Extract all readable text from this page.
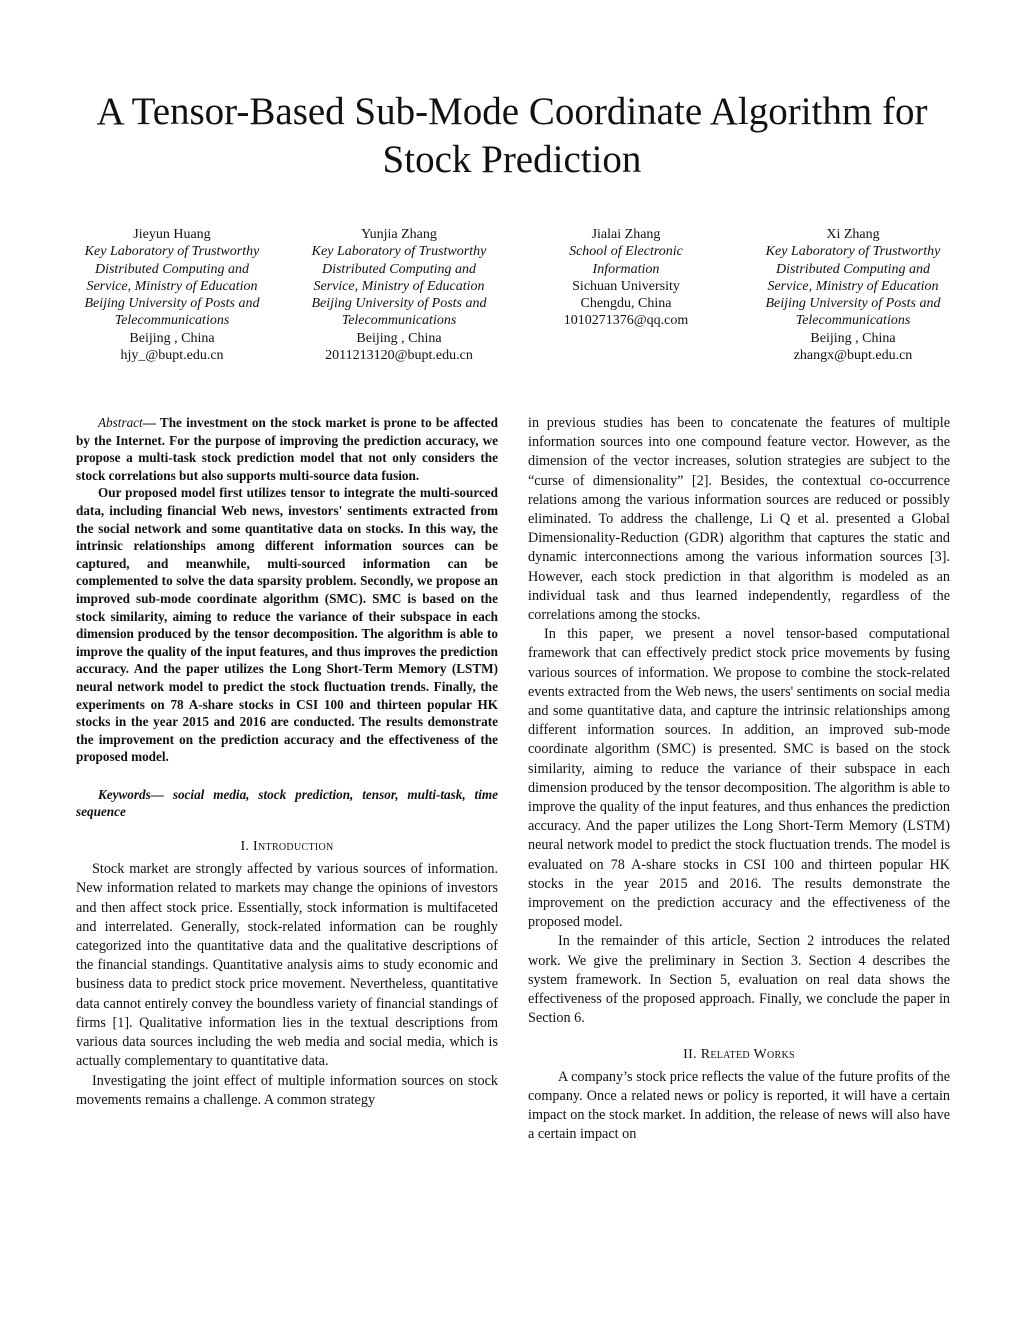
A Tensor-Based Sub-Mode Coordinate Algorithm for
Stock Prediction
Jieyun Huang
Key Laboratory of Trustworthy
Distributed Computing and
Service, Ministry of Education
Beijing University of Posts and
Telecommunications
Beijing , China
hjy_@bupt.edu.cn
Yunjia Zhang
Key Laboratory of Trustworthy
Distributed Computing and
Service, Ministry of Education
Beijing University of Posts and
Telecommunications
Beijing , China
2011213120@bupt.edu.cn
Jialai Zhang
School of Electronic
Information
Sichuan University
Chengdu, China
1010271376@qq.com
Xi Zhang
Key Laboratory of Trustworthy
Distributed Computing and
Service, Ministry of Education
Beijing University of Posts and
Telecommunications
Beijing , China
zhangx@bupt.edu.cn

Abstract— The investment on the stock market is prone to be affected by the Internet. For the purpose of improving the prediction accuracy, we propose a multi-task stock prediction model that not only considers the stock correlations but also supports multi-source data fusion.

Our proposed model first utilizes tensor to integrate the multi-sourced data, including financial Web news, investors' sentiments extracted from the social network and some quantitative data on stocks. In this way, the intrinsic relationships among different information sources can be captured, and meanwhile, multi-sourced information can be complemented to solve the data sparsity problem. Secondly, we propose an improved sub-mode coordinate algorithm (SMC). SMC is based on the stock similarity, aiming to reduce the variance of their subspace in each dimension produced by the tensor decomposition. The algorithm is able to improve the quality of the input features, and thus improves the prediction accuracy. And the paper utilizes the Long Short-Term Memory (LSTM) neural network model to predict the stock fluctuation trends. Finally, the experiments on 78 A-share stocks in CSI 100 and thirteen popular HK stocks in the year 2015 and 2016 are conducted. The results demonstrate the improvement on the prediction accuracy and the effectiveness of the proposed model.

Keywords— social media, stock prediction, tensor, multi-task, time sequence

I. Introduction

Stock market are strongly affected by various sources of information. New information related to markets may change the opinions of investors and then affect stock price. Essentially, stock information is multifaceted and interrelated. Generally, stock-related information can be roughly categorized into the quantitative data and the qualitative descriptions of the financial standings. Quantitative analysis aims to study economic and business data to predict stock price movement. Nevertheless, quantitative data cannot entirely convey the boundless variety of financial standings of firms [1]. Qualitative information lies in the textual descriptions from various data sources including the web media and social media, which is actually complementary to quantitative data.

Investigating the joint effect of multiple information sources on stock movements remains a challenge. A common strategy

in previous studies has been to concatenate the features of multiple information sources into one compound feature vector. However, as the dimension of the vector increases, solution strategies are subject to the “curse of dimensionality” [2]. Besides, the contextual co-occurrence relations among the various information sources are reduced or possibly eliminated. To address the challenge, Li Q et al. presented a Global Dimensionality-Reduction (GDR) algorithm that captures the static and dynamic interconnections among the various information sources [3]. However, each stock prediction in that algorithm is modeled as an individual task and thus learned independently, regardless of the correlations among the stocks.

In this paper, we present a novel tensor-based computational framework that can effectively predict stock price movements by fusing various sources of information. We propose to combine the stock-related events extracted from the Web news, the users' sentiments on social media and some quantitative data, and capture the intrinsic relationships among different information sources. In addition, an improved sub-mode coordinate algorithm (SMC) is presented. SMC is based on the stock similarity, aiming to reduce the variance of their subspace in each dimension produced by the tensor decomposition. The algorithm is able to improve the quality of the input features, and thus enhances the prediction accuracy. And the paper utilizes the Long Short-Term Memory (LSTM) neural network model to predict the stock fluctuation trends. The model is evaluated on 78 A-share stocks in CSI 100 and thirteen popular HK stocks in the year 2015 and 2016. The results demonstrate the improvement on the prediction accuracy and the effectiveness of the proposed model.

In the remainder of this article, Section 2 introduces the related work. We give the preliminary in Section 3. Section 4 describes the system framework. In Section 5, evaluation on real data shows the effectiveness of the proposed approach. Finally, we conclude the paper in Section 6.

II. Related Works

A company’s stock price reflects the value of the future profits of the company. Once a related news or policy is reported, it will have a certain impact on the stock market. In addition, the release of news will also have a certain impact on
